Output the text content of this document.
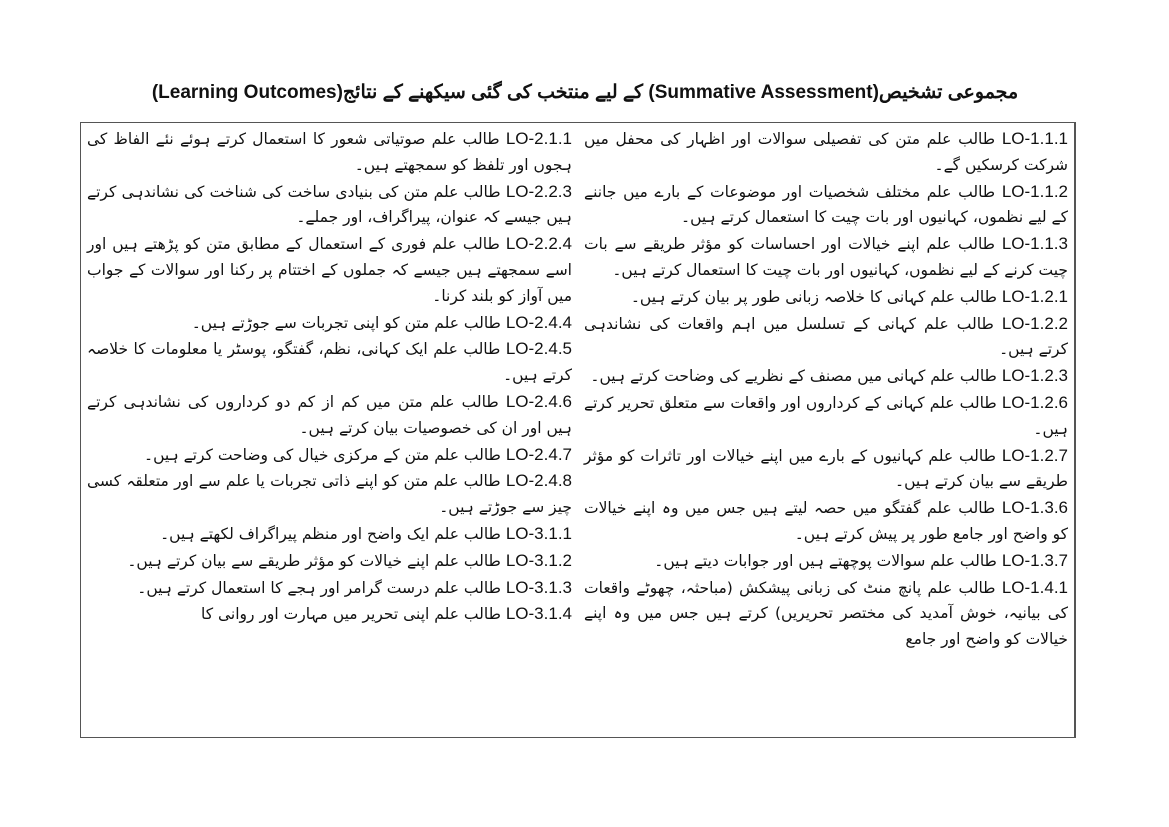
مجموعی تشخیص(Summative Assessment) کے لیے منتخب کی گئی سیکھنے کے نتائج(Learning Outcomes)

LO-2.1.1 طالب علم صوتیاتی شعور کا استعمال کرتے ہوئے نئے الفاظ کی ہجوں اور تلفظ کو سمجھتے ہیں۔

LO-2.2.3 طالب علم متن کی بنیادی ساخت کی شناخت کی نشاندہی کرتے ہیں جیسے کہ عنوان، پیراگراف، اور جملے۔

LO-2.2.4 طالب علم فوری کے استعمال کے مطابق متن کو پڑھتے ہیں اور اسے سمجھتے ہیں جیسے کہ جملوں کے اختتام پر رکنا اور سوالات کے جواب میں آواز کو بلند کرنا۔

LO-2.4.4 طالب علم متن کو اپنی تجربات سے جوڑتے ہیں۔

LO-2.4.5 طالب علم ایک کہانی، نظم، گفتگو، پوسٹر یا معلومات کا خلاصہ کرتے ہیں۔

LO-2.4.6 طالب علم متن میں کم از کم دو کرداروں کی نشاندہی کرتے ہیں اور ان کی خصوصیات بیان کرتے ہیں۔

LO-2.4.7 طالب علم متن کے مرکزی خیال کی وضاحت کرتے ہیں۔

LO-2.4.8 طالب علم متن کو اپنے ذاتی تجربات یا علم سے اور متعلقہ کسی چیز سے جوڑتے ہیں۔

LO-3.1.1 طالب علم ایک واضح اور منظم پیراگراف لکھتے ہیں۔

LO-3.1.2 طالب علم اپنے خیالات کو مؤثر طریقے سے بیان کرتے ہیں۔

LO-3.1.3 طالب علم درست گرامر اور ہجے کا استعمال کرتے ہیں۔

LO-3.1.4 طالب علم اپنی تحریر میں مہارت اور روانی کا

LO-1.1.1 طالب علم متن کی تفصیلی سوالات اور اظہار کی محفل میں شرکت کرسکیں گے۔

LO-1.1.2 طالب علم مختلف شخصیات اور موضوعات کے بارے میں جاننے کے لیے نظموں، کہانیوں اور بات چیت کا استعمال کرتے ہیں۔

LO-1.1.3 طالب علم اپنے خیالات اور احساسات کو مؤثر طریقے سے بات چیت کرنے کے لیے نظموں، کہانیوں اور بات چیت کا استعمال کرتے ہیں۔

LO-1.2.1 طالب علم کہانی کا خلاصہ زبانی طور پر بیان کرتے ہیں۔

LO-1.2.2 طالب علم کہانی کے تسلسل میں اہم واقعات کی نشاندہی کرتے ہیں۔

LO-1.2.3 طالب علم کہانی میں مصنف کے نظریے کی وضاحت کرتے ہیں۔

LO-1.2.6 طالب علم کہانی کے کرداروں اور واقعات سے متعلق تحریر کرتے ہیں۔

LO-1.2.7 طالب علم کہانیوں کے بارے میں اپنے خیالات اور تاثرات کو مؤثر طریقے سے بیان کرتے ہیں۔

LO-1.3.6 طالب علم گفتگو میں حصہ لیتے ہیں جس میں وہ اپنے خیالات کو واضح اور جامع طور پر پیش کرتے ہیں۔

LO-1.3.7 طالب علم سوالات پوچھتے ہیں اور جوابات دیتے ہیں۔

LO-1.4.1 طالب علم پانچ منٹ کی زبانی پیشکش (مباحثہ، چھوٹے واقعات کی بیانیہ، خوش آمدید کی مختصر تحریریں) کرتے ہیں جس میں وہ اپنے خیالات کو واضح اور جامع
